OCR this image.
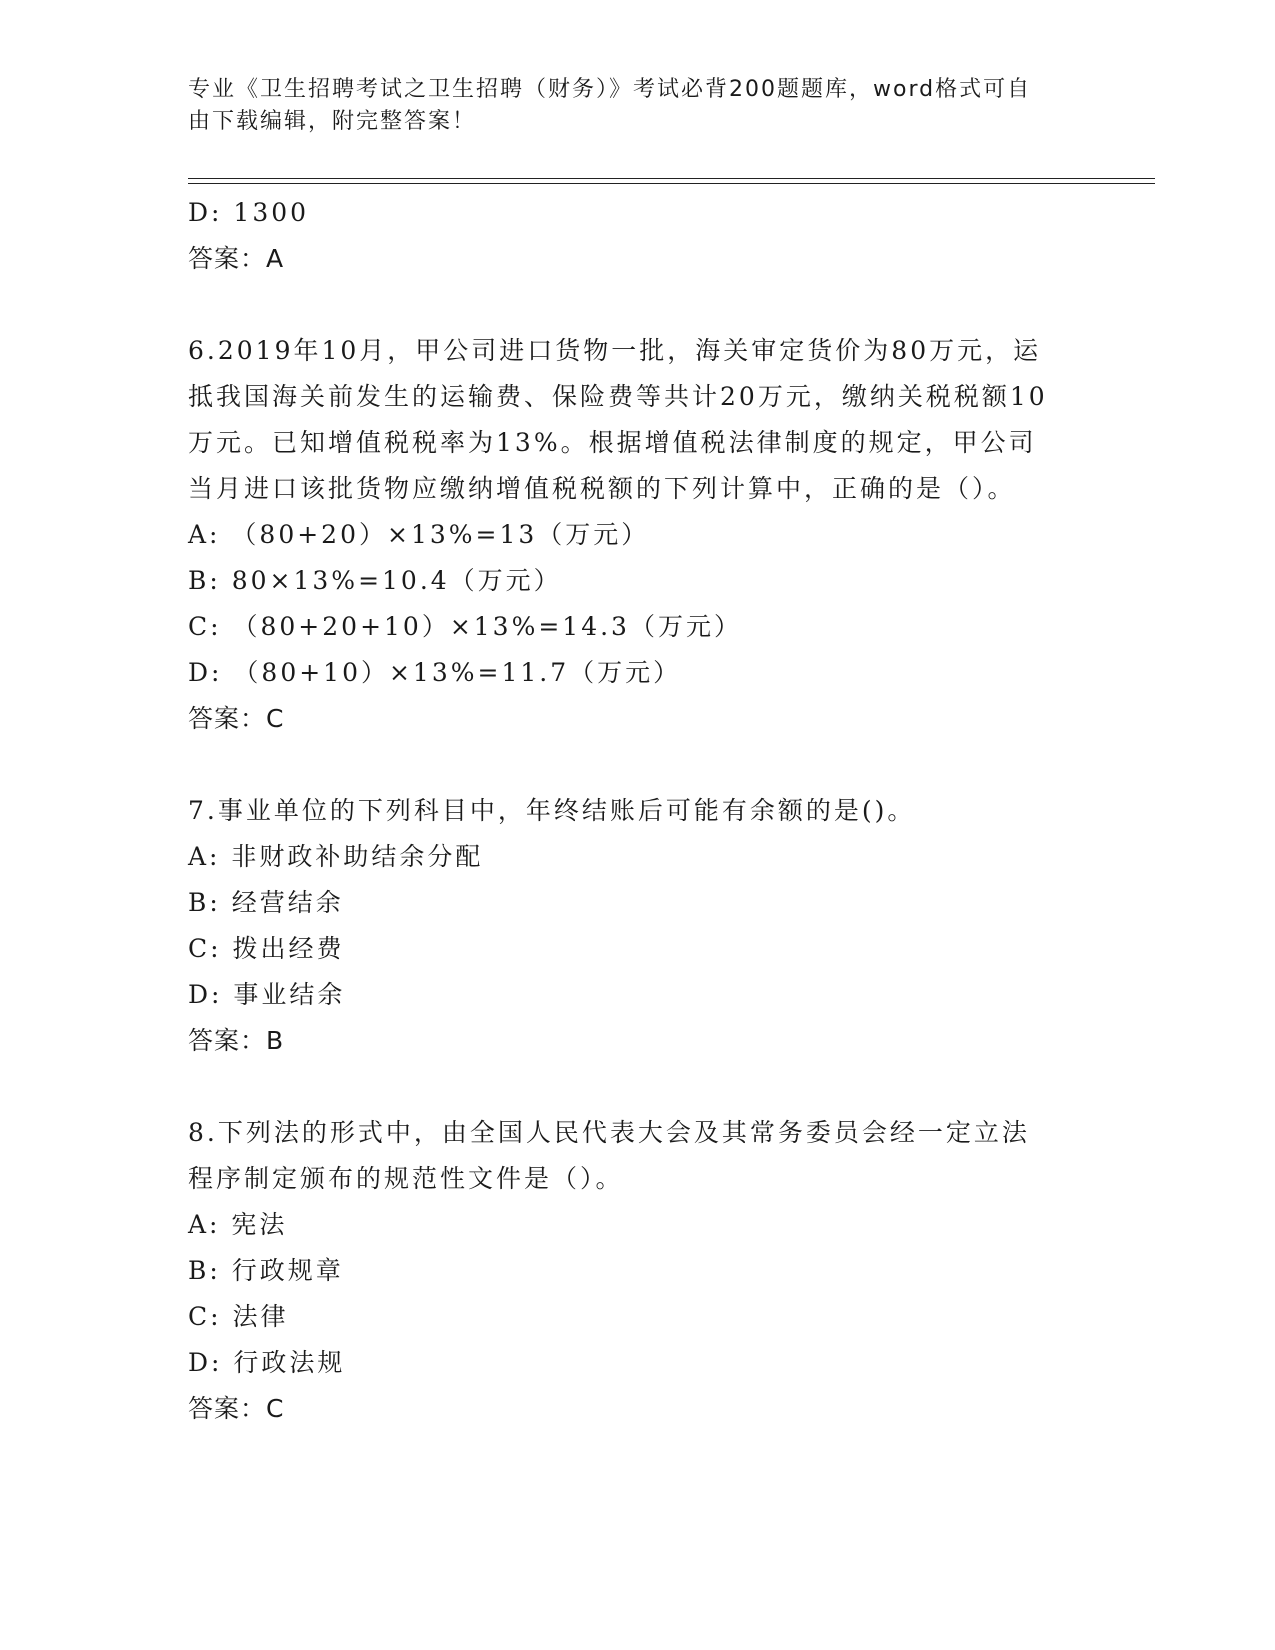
专业《卫生招聘考试之卫生招聘（财务）》考试必背200题题库，word格式可自
由下载编辑，附完整答案！
D: 1300
答案：A
6.2019年10月，甲公司进口货物一批，海关审定货价为80万元，运
抵我国海关前发生的运输费、保险费等共计20万元，缴纳关税税额10
万元。已知增值税税率为13%。根据增值税法律制度的规定，甲公司
当月进口该批货物应缴纳增值税税额的下列计算中，正确的是（）。
A: （80+20）×13%=13（万元）
B: 80×13%=10.4（万元）
C: （80+20+10）×13%=14.3（万元）
D: （80+10）×13%=11.7（万元）
答案：C
7.事业单位的下列科目中，年终结账后可能有余额的是()。
A: 非财政补助结余分配
B: 经营结余
C: 拨出经费
D: 事业结余
答案：B
8.下列法的形式中，由全国人民代表大会及其常务委员会经一定立法
程序制定颁布的规范性文件是（）。
A: 宪法
B: 行政规章
C: 法律
D: 行政法规
答案：C
